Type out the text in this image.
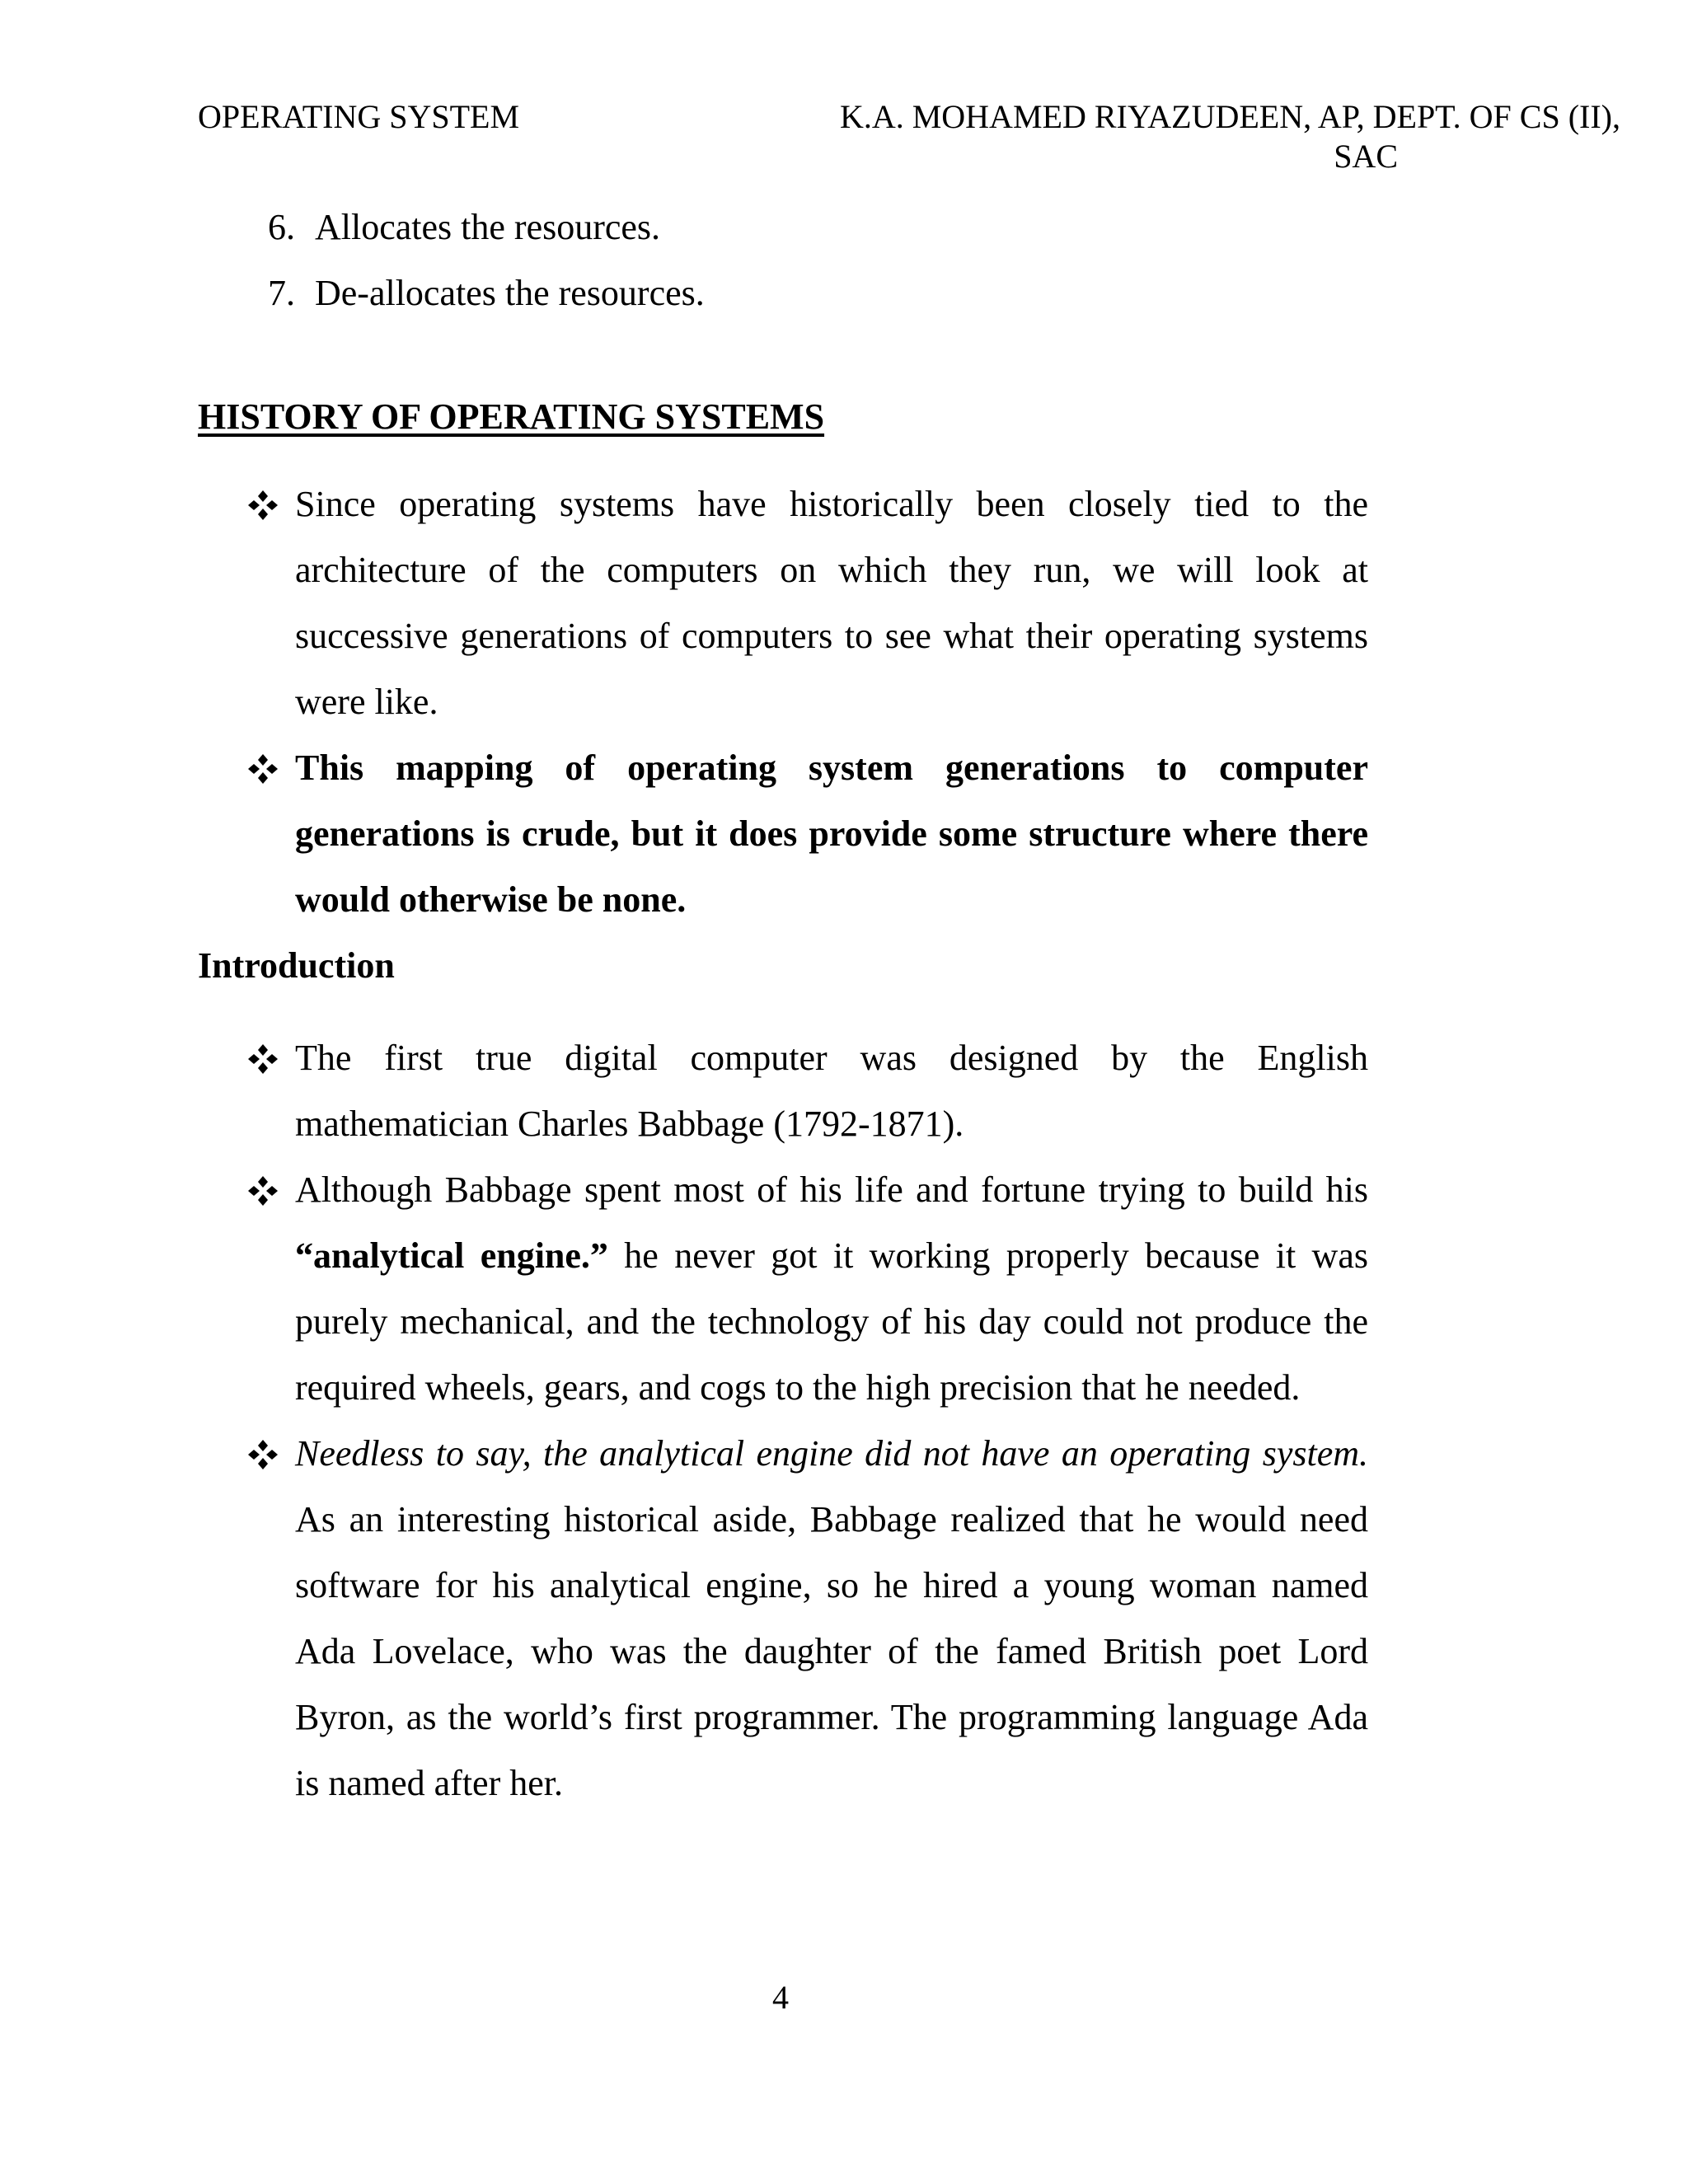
OPERATING SYSTEM	K.A. MOHAMED RIYAZUDEEN, AP, DEPT. OF CS (II),

SAC
6. Allocates the resources.
7. De-allocates the resources.
HISTORY OF OPERATING SYSTEMS
Since operating systems have historically been closely tied to the architecture of the computers on which they run, we will look at successive generations of computers to see what their operating systems were like.
This mapping of operating system generations to computer generations is crude, but it does provide some structure where there would otherwise be none.
Introduction
The first true digital computer was designed by the English mathematician Charles Babbage (1792-1871).
Although Babbage spent most of his life and fortune trying to build his “analytical engine.” he never got it working properly because it was purely mechanical, and the technology of his day could not produce the required wheels, gears, and cogs to the high precision that he needed.
Needless to say, the analytical engine did not have an operating system. As an interesting historical aside, Babbage realized that he would need software for his analytical engine, so he hired a young woman named Ada Lovelace, who was the daughter of the famed British poet Lord Byron, as the world’s first programmer. The programming language Ada is named after her.
4
